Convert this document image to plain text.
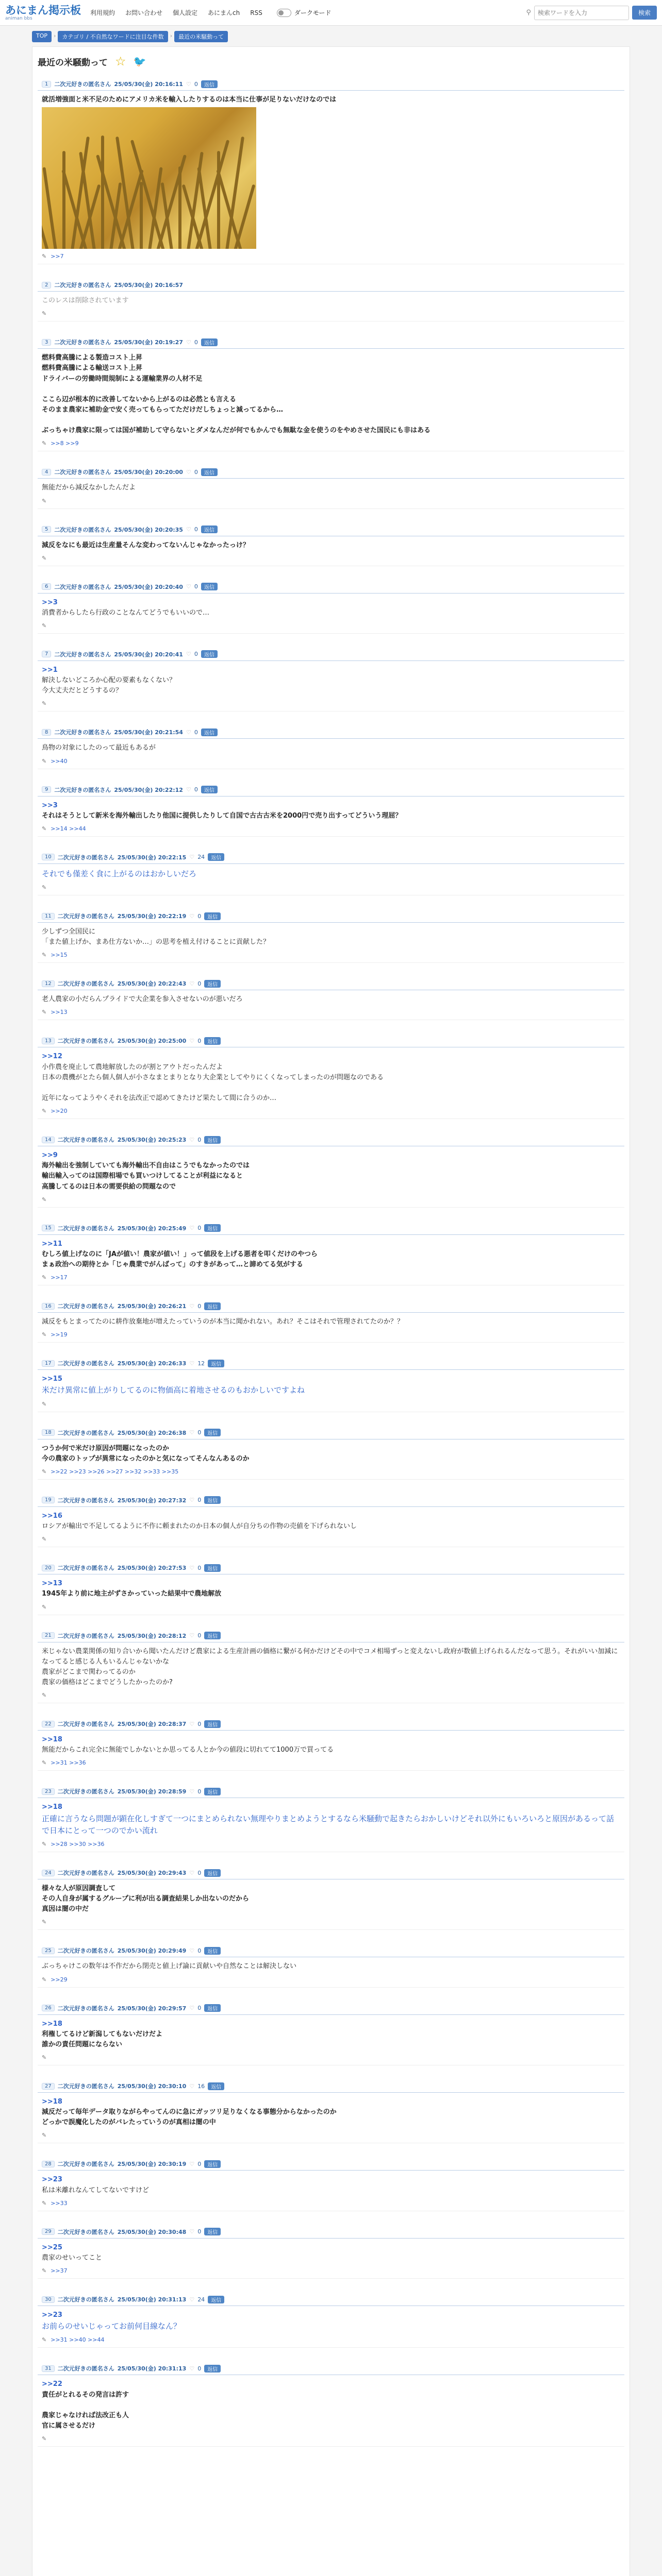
あにまん掲示板
animan bbs
利用規約 お問い合わせ 個人設定 あにまんch RSS	ダークモード	⚲
検索ワードを入力	検索
TOP	›	カテゴリ / 不自然なワードに注目な件数	›	最近の米騒動って
最近の米騒動って ☆ 🐦
1	二次元好きの匿名さん 25/05/30(金) 20:16:11 ♡ 0	返信

就活増強面と米不足のためにアメリカ米を輸入したりするのは本当に仕事が足りないだけなのでは

✎ >>7
2	二次元好きの匿名さん 25/05/30(金) 20:16:57

このレスは削除されています

✎
3	二次元好きの匿名さん 25/05/30(金) 20:19:27 ♡ 0	返信

燃料費高騰による製造コスト上昇

燃料費高騰による輸送コスト上昇

ドライバーの労働時間規制による運輸業界の人材不足

ここら辺が根本的に改善してないから上がるのは必然とも言える

そのまま農家に補助金で安く売ってもらってただけだしちょっと減ってるから…

ぶっちゃけ農家に限っては国が補助して守らないとダメなんだが何でもかんでも無駄な金を使うのをやめさせた国民にも非はある

✎ >>8 >>9
4	二次元好きの匿名さん 25/05/30(金) 20:20:00 ♡ 0	返信

無能だから減反なかしたんだよ

✎
5	二次元好きの匿名さん 25/05/30(金) 20:20:35 ♡ 0	返信

減反をなにも最近は生産量そんな変わってないんじゃなかったっけ？

✎
6	二次元好きの匿名さん 25/05/30(金) 20:20:40 ♡ 0	返信

>>3

消費者からしたら行政のことなんてどうでもいいので…

✎
7	二次元好きの匿名さん 25/05/30(金) 20:20:41 ♡ 0	返信

>>1

解決しないどころか心配の要素もなくない？

今大丈夫だとどうするの？

✎
8	二次元好きの匿名さん 25/05/30(金) 20:21:54 ♡ 0	返信

鳥物の対象にしたのって最近もあるが

✎ >>40
9	二次元好きの匿名さん 25/05/30(金) 20:22:12 ♡ 0	返信

>>3

それはそうとして新米を海外輸出したり他国に提供したりして自国で古古古米を2000円で売り出すってどういう理屈？

✎ >>14 >>44
10	二次元好きの匿名さん 25/05/30(金) 20:22:15 ♡ 24	返信

それでも僅差く食に上がるのはおかしいだろ

✎
11	二次元好きの匿名さん 25/05/30(金) 20:22:19 ♡ 0	返信

少しずつ全国民に

「また値上げか、まあ仕方ないか…」の思考を植え付けることに貢献した？

✎ >>15
12	二次元好きの匿名さん 25/05/30(金) 20:22:43 ♡ 0	返信

老人農家の小だらんプライドで大企業を参入させないのが悪いだろ

✎ >>13
13	二次元好きの匿名さん 25/05/30(金) 20:25:00 ♡ 0	返信

>>12

小作農を廃止して農地解放したのが割とアウトだったんだよ

日本の農機がとたら個人個人が小さなまとまりとなり大企業としてやりにくくなってしまったのが問題なのである

近年になってようやくそれを法改正で認めてきたけど果たして間に合うのか…

✎ >>20
14	二次元好きの匿名さん 25/05/30(金) 20:25:23 ♡ 0	返信

>>9

海外輸出を強制していても海外輸出不自由はこうでもなかったのでは

輸出輸入ってのは国際相場でも買いつけしてることが利益になると

高騰してるのは日本の需要供給の問題なので

✎
15	二次元好きの匿名さん 25/05/30(金) 20:25:49 ♡ 0	返信

>>11

むしろ値上げなのに「JAが値い！農家が値い！」って値段を上げる悪者を叩くだけのやつら

まぁ政治への期待とか「じゃ農業でがんばって」のすきがあって…と諦めてる気がする

✎ >>17
16	二次元好きの匿名さん 25/05/30(金) 20:26:21 ♡ 0	返信

減反をもとまってたのに耕作放棄地が増えたっていうのが本当に聞かれない。あれ？そこはそれで管理されてたのか？？

✎ >>19
17	二次元好きの匿名さん 25/05/30(金) 20:26:33 ♡ 12	返信

>>15

米だけ異常に値上がりしてるのに物価高に着地させるのもおかしいですよね

✎
18	二次元好きの匿名さん 25/05/30(金) 20:26:38 ♡ 0	返信

つうか何で米だけ原因が問題になったのか

今の農家のトップが異常になったのかと気になってそんなんあるのか

✎ >>22 >>23 >>26 >>27 >>32 >>33 >>35
19	二次元好きの匿名さん 25/05/30(金) 20:27:32 ♡ 0	返信

>>16

ロシアが輸出で不足してるように不作に頼まれたのか日本の個人が自分ちの作物の売値を下げられないし

✎
20	二次元好きの匿名さん 25/05/30(金) 20:27:53 ♡ 0	返信

>>13

1945年より前に地主がずさかっていった結果中で農地解放

✎
21	二次元好きの匿名さん 25/05/30(金) 20:28:12 ♡ 0	返信

米じゃない農業関係の知り合いから聞いたんだけど農家による生産計画の価格に繋がる何かだけどその中でコメ相場ずっと変えないし政府が数値上げられるんだなって思う。それがいい加減になってると感じる人もいるんじゃないかな

農家がどこまで関わってるのか

農家の価格はどこまでどうしたかったのか?

✎
22	二次元好きの匿名さん 25/05/30(金) 20:28:37 ♡ 0	返信

>>18

無能だからこれ完全に無能でしかないとか思ってる人とか今の値段に切れてて1000万で買ってる

✎ >>31 >>36
23	二次元好きの匿名さん 25/05/30(金) 20:28:59 ♡ 0	返信

>>18

正確に言うなら問題が顕在化しすぎて一つにまとめられない無理やりまとめようとするなら米騒動で起きたらおかしいけどそれ以外にもいろいろと原因があるって話で日本にとって一つのでかい流れ

✎ >>28 >>30 >>36
24	二次元好きの匿名さん 25/05/30(金) 20:29:43 ♡ 0	返信

様々な人が原因調査して

その人自身が属するグループに利が出る調査結果しか出ないのだから

真因は闇の中だ

✎
25	二次元好きの匿名さん 25/05/30(金) 20:29:49 ♡ 0	返信

ぶっちゃけこの数年は不作だから閉売と値上げ論に貢献いや自然なことは解決しない

✎ >>29
26	二次元好きの匿名さん 25/05/30(金) 20:29:57 ♡ 0	返信

>>18

利権してるけど新潟してもないだけだよ

誰かの責任問題にならない

✎
27	二次元好きの匿名さん 25/05/30(金) 20:30:10 ♡ 16	返信

>>18

減反だって毎年データ取りながらやってんのに急にガッツリ足りなくなる事態分からなかったのか

どっかで誤魔化したのがバレたっていうのが真相は闇の中

✎
28	二次元好きの匿名さん 25/05/30(金) 20:30:19 ♡ 0	返信

>>23

私は米離れなんてしてないですけど

✎ >>33
29	二次元好きの匿名さん 25/05/30(金) 20:30:48 ♡ 0	返信

>>25

農家のせいってこと

✎ >>37
30	二次元好きの匿名さん 25/05/30(金) 20:31:13 ♡ 24	返信

>>23

お前らのせいじゃってお前何目線なん？

✎ >>31 >>40 >>44
31	二次元好きの匿名さん 25/05/30(金) 20:31:13 ♡ 0	返信

>>22

責任がとれるその発言は許す

農家じゃなければ法改正も人

官に属させるだけ

✎
